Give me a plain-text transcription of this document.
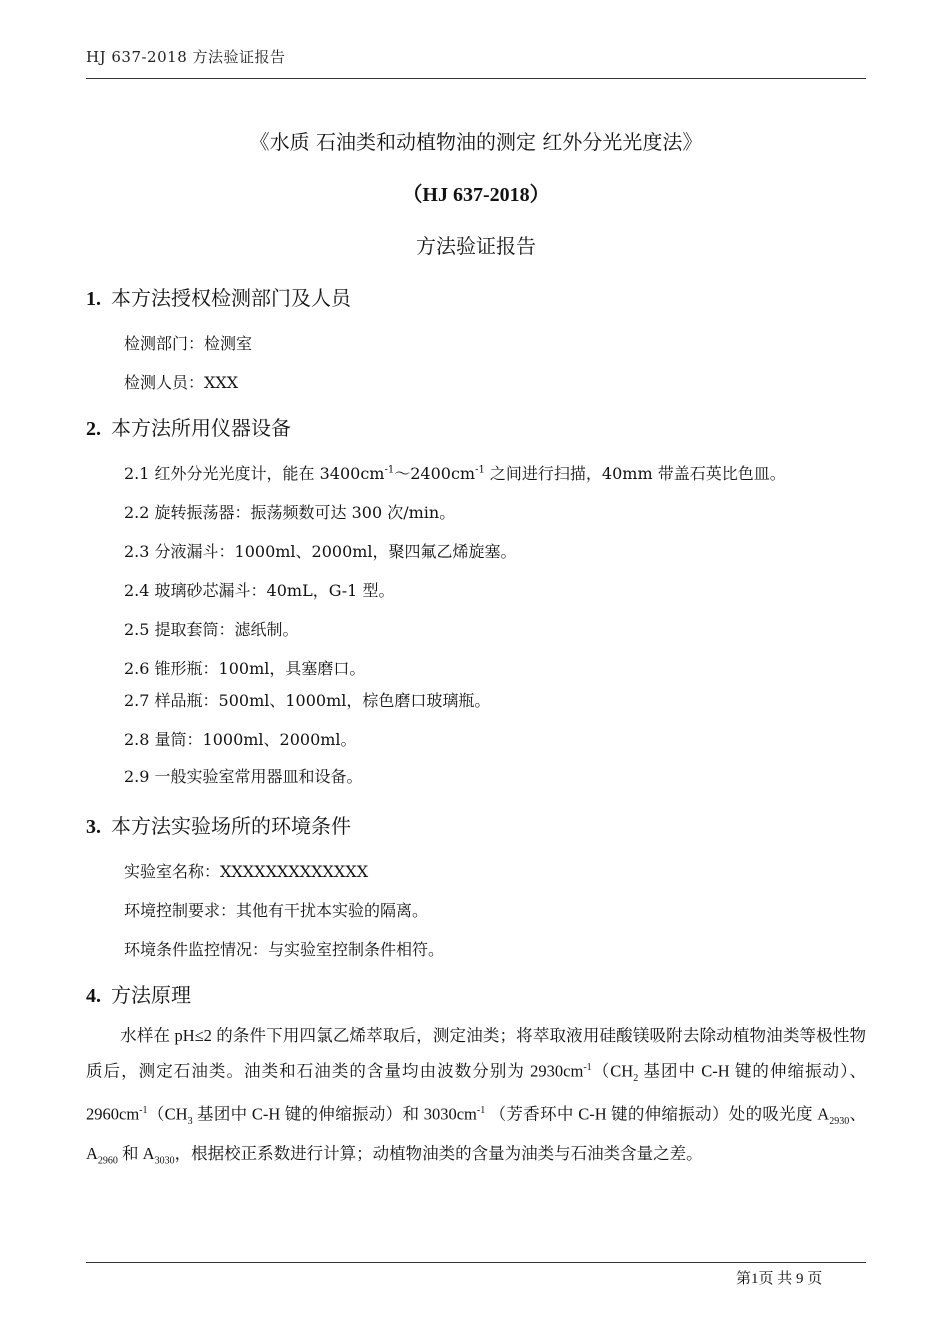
HJ 637-2018 方法验证报告
《水质 石油类和动植物油的测定 红外分光光度法》
（HJ 637-2018）
方法验证报告
1. 本方法授权检测部门及人员
检测部门：检测室
检测人员：XXX
2. 本方法所用仪器设备
2.1 红外分光光度计，能在 $3400cm^{-1}\sim 2400cm^{-1}$ 之间进行扫描，40mm 带盖石英比色皿。
2.2 旋转振荡器：振荡频数可达 300 次/min。
2.3 分液漏斗：1000ml、2000ml，聚四氟乙烯旋塞。
2.4 玻璃砂芯漏斗：40mL，G-1 型。
2.5 提取套筒：滤纸制。
2.6 锥形瓶：100ml，具塞磨口。
2.7 样品瓶：500ml、1000ml，棕色磨口玻璃瓶。
2.8 量筒：1000ml、2000ml。
2.9 一般实验室常用器皿和设备。
3. 本方法实验场所的环境条件
实验室名称：XXXXXXXXXXXXX
环境控制要求：其他有干扰本实验的隔离。
环境条件监控情况：与实验室控制条件相符。
4. 方法原理
水样在 pH≤2 的条件下用四氯乙烯萃取后，测定油类；将萃取液用硅酸镁吸附去除动植物油类等极性物质后，测定石油类。油类和石油类的含量均由波数分别为 $2930cm^{-1}(CH_2$ 基团中 C-H 键的伸缩振动）、$2960cm^{-1}(CH_3$ 基团中 C-H 键的伸缩振动）和 $3030cm^{-1}$ （芳香环中 C-H 键的伸缩振动）处的吸光度 $A_{2930}$、$A_{2960}$ 和 $A_{3030}$，根据校正系数进行计算；动植物油类的含量为油类与石油类含量之差。
第1页 共 9 页
